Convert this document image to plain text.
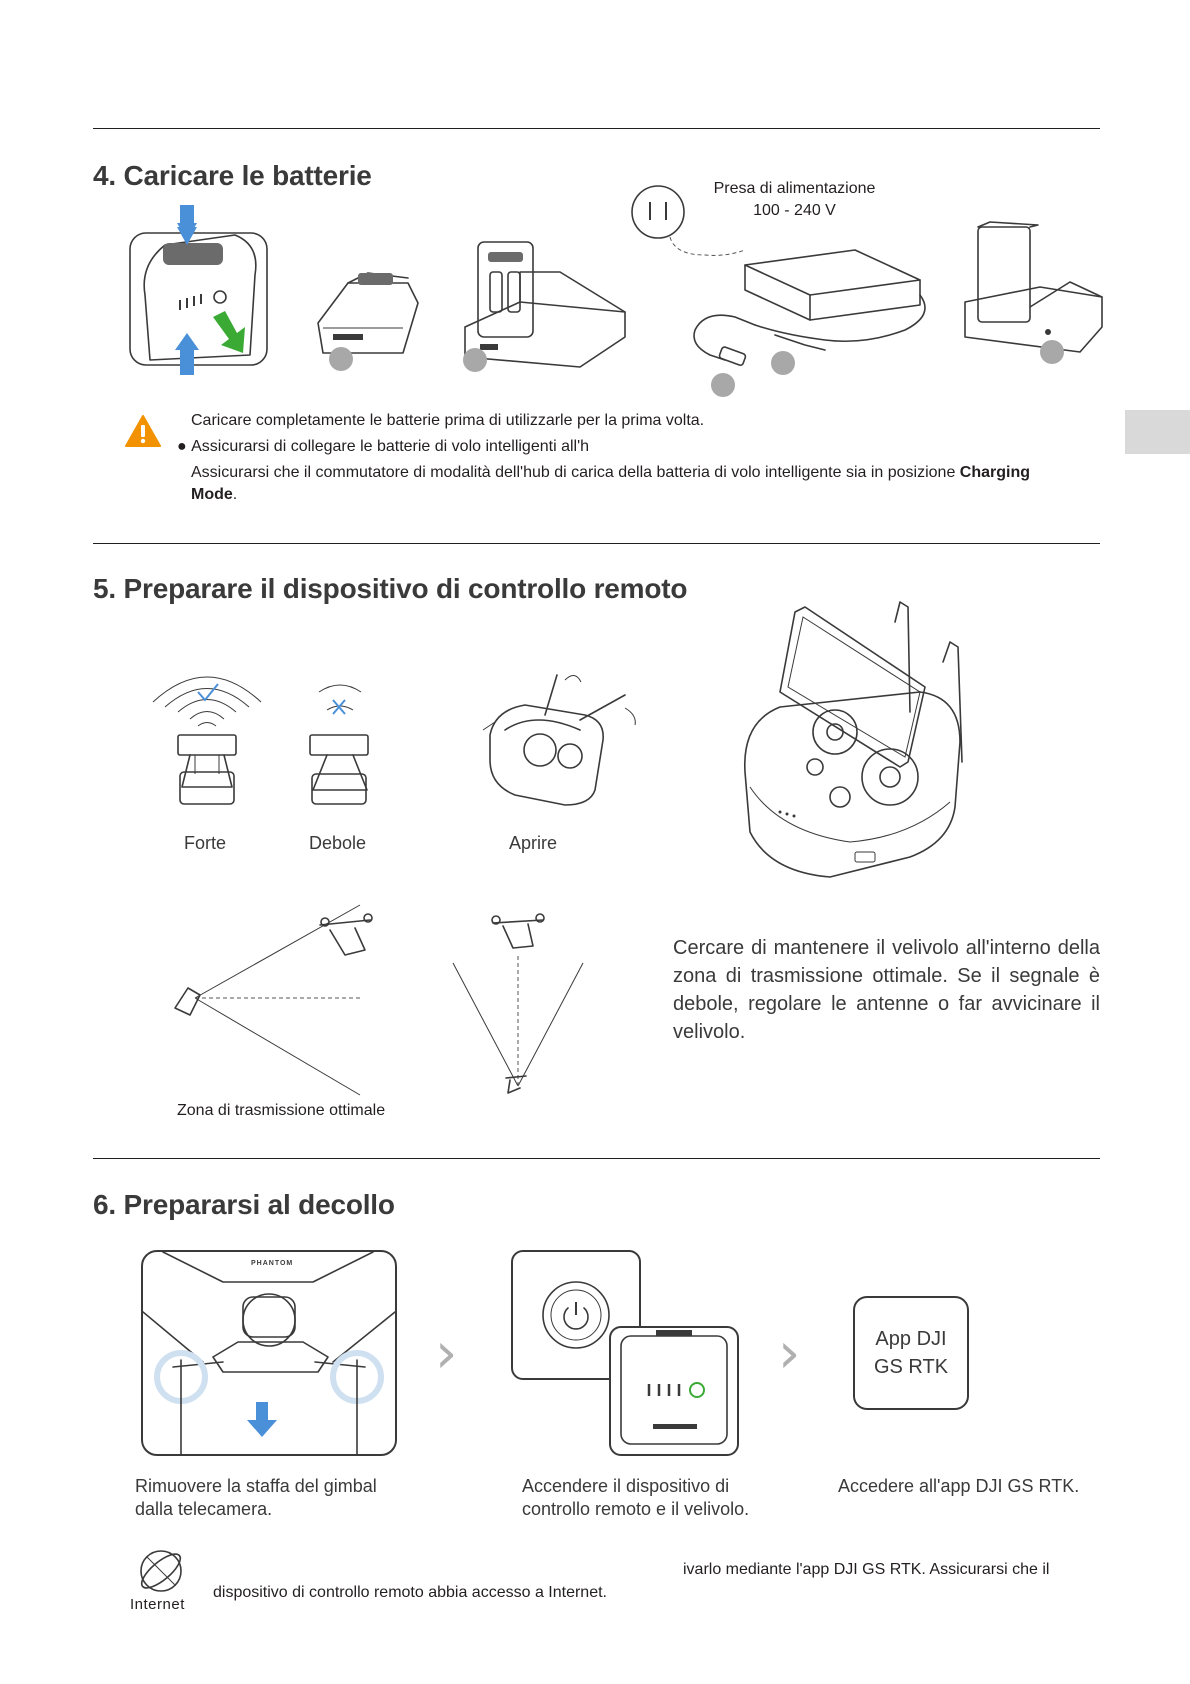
4. Caricare le batterie	Presa di alimentazione
100 - 240 V

Caricare completamente le batterie prima di utilizzarle per la prima volta.

● Assicurarsi di collegare le batterie di volo intelligenti all'h

Assicurarsi che il commutatore di modalità dell'hub di carica della batteria di volo intelligente sia in posizione Charging
Mode.

5. Preparare il dispositivo di controllo remoto
Forte	Debole	Aprire
Zona di trasmissione ottimale

Cercare di mantenere il velivolo all'interno della zona di trasmissione ottimale. Se il segnale è debole, regolare le antenne o far avvicinare il velivolo.

6. Prepararsi al decollo
PHANTOM
›
Rimuovere la staffa del gimbal dalla telecamera.
›
Accendere il dispositivo di controllo remoto e il velivolo.
App DJI
GS RTK
Accedere all'app DJI GS RTK.
Internet
ivarlo mediante l'app DJI GS RTK. Assicurarsi che il
dispositivo di controllo remoto abbia accesso a Internet.
